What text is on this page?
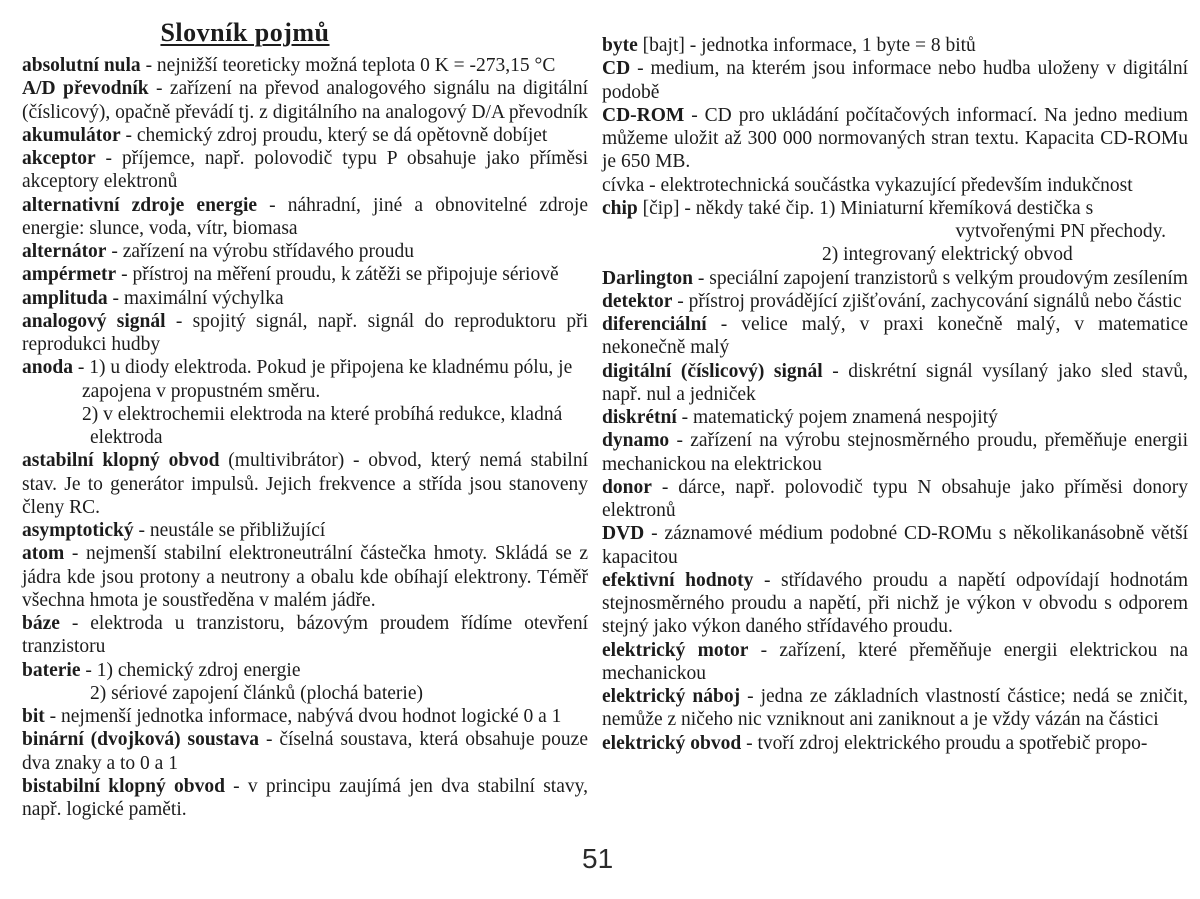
Slovník pojmů

absolutní nula - nejnižší teoreticky možná teplota 0 K = -273,15 °C

A/D převodník - zařízení na převod analogového signálu na digitální (číslicový), opačně převádí tj. z digitálního na analogový D/A převodník

akumulátor - chemický zdroj proudu, který se dá opětovně dobíjet

akceptor - příjemce, např. polovodič typu P obsahuje jako příměsi akceptory elektronů

alternativní zdroje energie - náhradní, jiné a obnovitelné zdroje energie: slunce, voda, vítr, biomasa

alternátor - zařízení na výrobu střídavého proudu

ampérmetr - přístroj na měření proudu, k zátěži se připojuje sériově

amplituda - maximální výchylka

analogový signál - spojitý signál, např. signál do reproduktoru při reprodukci hudby

anoda - 1) u diody elektroda. Pokud je připojena ke kladnému pólu, je

zapojena v propustném směru.

2) v elektrochemii elektroda na které probíhá redukce, kladná

elektroda

astabilní klopný obvod (multivibrátor) - obvod, který nemá stabilní stav. Je to generátor impulsů. Jejich frekvence a střída jsou stanoveny členy RC.

asymptotický - neustále se přibližující

atom - nejmenší stabilní elektroneutrální částečka hmoty. Skládá se z jádra kde jsou protony a neutrony a obalu kde obíhají elektrony. Téměř všechna hmota je soustředěna v malém jádře.

báze - elektroda u tranzistoru, bázovým proudem řídíme otevření tranzistoru

baterie - 1) chemický zdroj energie

2) sériové zapojení článků (plochá baterie)

bit - nejmenší jednotka informace, nabývá dvou hodnot logické 0 a 1

binární (dvojková) soustava - číselná soustava, která obsahuje pouze dva znaky a to 0 a 1

bistabilní klopný obvod - v principu zaujímá jen dva stabilní stavy, např. logické paměti.

byte [bajt] - jednotka informace, 1 byte = 8 bitů

CD - medium, na kterém jsou informace nebo hudba uloženy v digitální podobě

CD-ROM - CD pro ukládání počítačových informací. Na jedno medium můžeme uložit až 300 000 normovaných stran textu. Kapacita CD-ROMu je 650 MB.

cívka - elektrotechnická součástka vykazující především indukčnost

chip [čip] - někdy také čip. 1) Miniaturní křemíková destička s

vytvořenými PN přechody.

2) integrovaný elektrický obvod

Darlington - speciální zapojení tranzistorů s velkým proudovým zesílením

detektor - přístroj provádějící zjišťování, zachycování signálů nebo částic

diferenciální - velice malý, v praxi konečně malý, v matematice nekonečně malý

digitální (číslicový) signál - diskrétní signál vysílaný jako sled stavů, např. nul a jedniček

diskrétní - matematický pojem znamená nespojitý

dynamo - zařízení na výrobu stejnosměrného proudu, přeměňuje energii mechanickou na elektrickou

donor - dárce, např. polovodič typu N obsahuje jako příměsi donory elektronů

DVD - záznamové médium podobné CD-ROMu s několikanásobně větší kapacitou

efektivní hodnoty - střídavého proudu a napětí odpovídají hodnotám stejnosměrného proudu a napětí, při nichž je výkon v obvodu s odporem stejný jako výkon daného střídavého proudu.

elektrický motor - zařízení, které přeměňuje energii elektrickou na mechanickou

elektrický náboj - jedna ze základních vlastností částice; nedá se zničit, nemůže z ničeho nic vzniknout ani zaniknout a je vždy vázán na částici

elektrický obvod - tvoří zdroj elektrického proudu a spotřebič propo-

51
